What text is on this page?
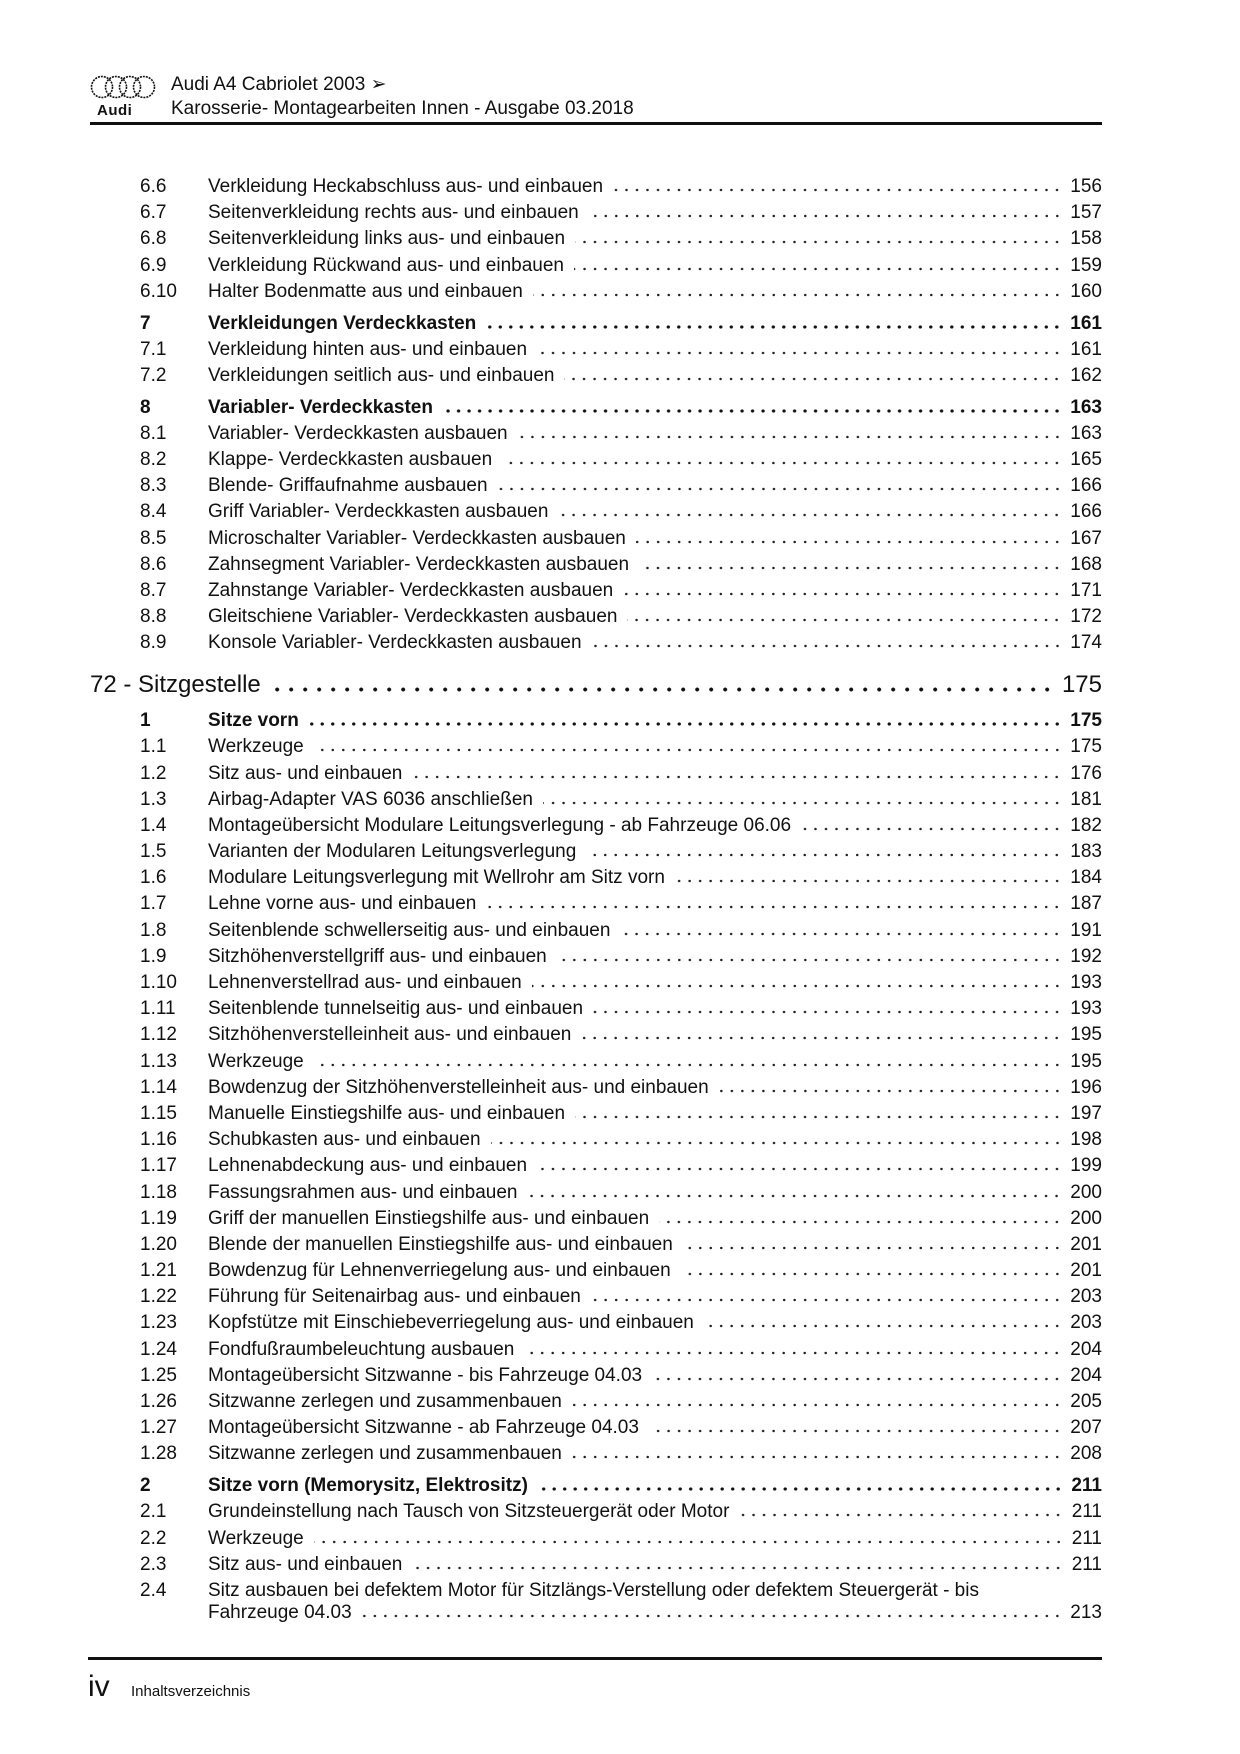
Audi
Audi A4 Cabriolet 2003 ➢
Karosserie- Montagearbeiten Innen - Ausgabe 03.2018
6.6	Verkleidung Heckabschluss aus- und einbauen	156
6.7	Seitenverkleidung rechts aus- und einbauen	157
6.8	Seitenverkleidung links aus- und einbauen	158
6.9	Verkleidung Rückwand aus- und einbauen	159
6.10	Halter Bodenmatte aus und einbauen	160
7	Verkleidungen Verdeckkasten	161
7.1	Verkleidung hinten aus- und einbauen	161
7.2	Verkleidungen seitlich aus- und einbauen	162
8	Variabler- Verdeckkasten	163
8.1	Variabler- Verdeckkasten ausbauen	163
8.2	Klappe- Verdeckkasten ausbauen	165
8.3	Blende- Griffaufnahme ausbauen	166
8.4	Griff Variabler- Verdeckkasten ausbauen	166
8.5	Microschalter Variabler- Verdeckkasten ausbauen	167
8.6	Zahnsegment Variabler- Verdeckkasten ausbauen	168
8.7	Zahnstange Variabler- Verdeckkasten ausbauen	171
8.8	Gleitschiene Variabler- Verdeckkasten ausbauen	172
8.9	Konsole Variabler- Verdeckkasten ausbauen	174
72 - Sitzgestelle	175
1	Sitze vorn	175
1.1	Werkzeuge	175
1.2	Sitz aus- und einbauen	176
1.3	Airbag-Adapter VAS 6036 anschließen	181
1.4	Montageübersicht Modulare Leitungsverlegung - ab Fahrzeuge 06.06	182
1.5	Varianten der Modularen Leitungsverlegung	183
1.6	Modulare Leitungsverlegung mit Wellrohr am Sitz vorn	184
1.7	Lehne vorne aus- und einbauen	187
1.8	Seitenblende schwellerseitig aus- und einbauen	191
1.9	Sitzhöhenverstellgriff aus- und einbauen	192
1.10	Lehnenverstellrad aus- und einbauen	193
1.11	Seitenblende tunnelseitig aus- und einbauen	193
1.12	Sitzhöhenverstelleinheit aus- und einbauen	195
1.13	Werkzeuge	195
1.14	Bowdenzug der Sitzhöhenverstelleinheit aus- und einbauen	196
1.15	Manuelle Einstiegshilfe aus- und einbauen	197
1.16	Schubkasten aus- und einbauen	198
1.17	Lehnenabdeckung aus- und einbauen	199
1.18	Fassungsrahmen aus- und einbauen	200
1.19	Griff der manuellen Einstiegshilfe aus- und einbauen	200
1.20	Blende der manuellen Einstiegshilfe aus- und einbauen	201
1.21	Bowdenzug für Lehnenverriegelung aus- und einbauen	201
1.22	Führung für Seitenairbag aus- und einbauen	203
1.23	Kopfstütze mit Einschiebeverriegelung aus- und einbauen	203
1.24	Fondfußraumbeleuchtung ausbauen	204
1.25	Montageübersicht Sitzwanne - bis Fahrzeuge 04.03	204
1.26	Sitzwanne zerlegen und zusammenbauen	205
1.27	Montageübersicht Sitzwanne - ab Fahrzeuge 04.03	207
1.28	Sitzwanne zerlegen und zusammenbauen	208
2	Sitze vorn (Memorysitz, Elektrositz)	211
2.1	Grundeinstellung nach Tausch von Sitzsteuergerät oder Motor	211
2.2	Werkzeuge	211
2.3	Sitz aus- und einbauen	211
2.4	Sitz ausbauen bei defektem Motor für Sitzlängs-Verstellung oder defektem Steuergerät - bis
Fahrzeuge 04.03	213
iv Inhaltsverzeichnis
